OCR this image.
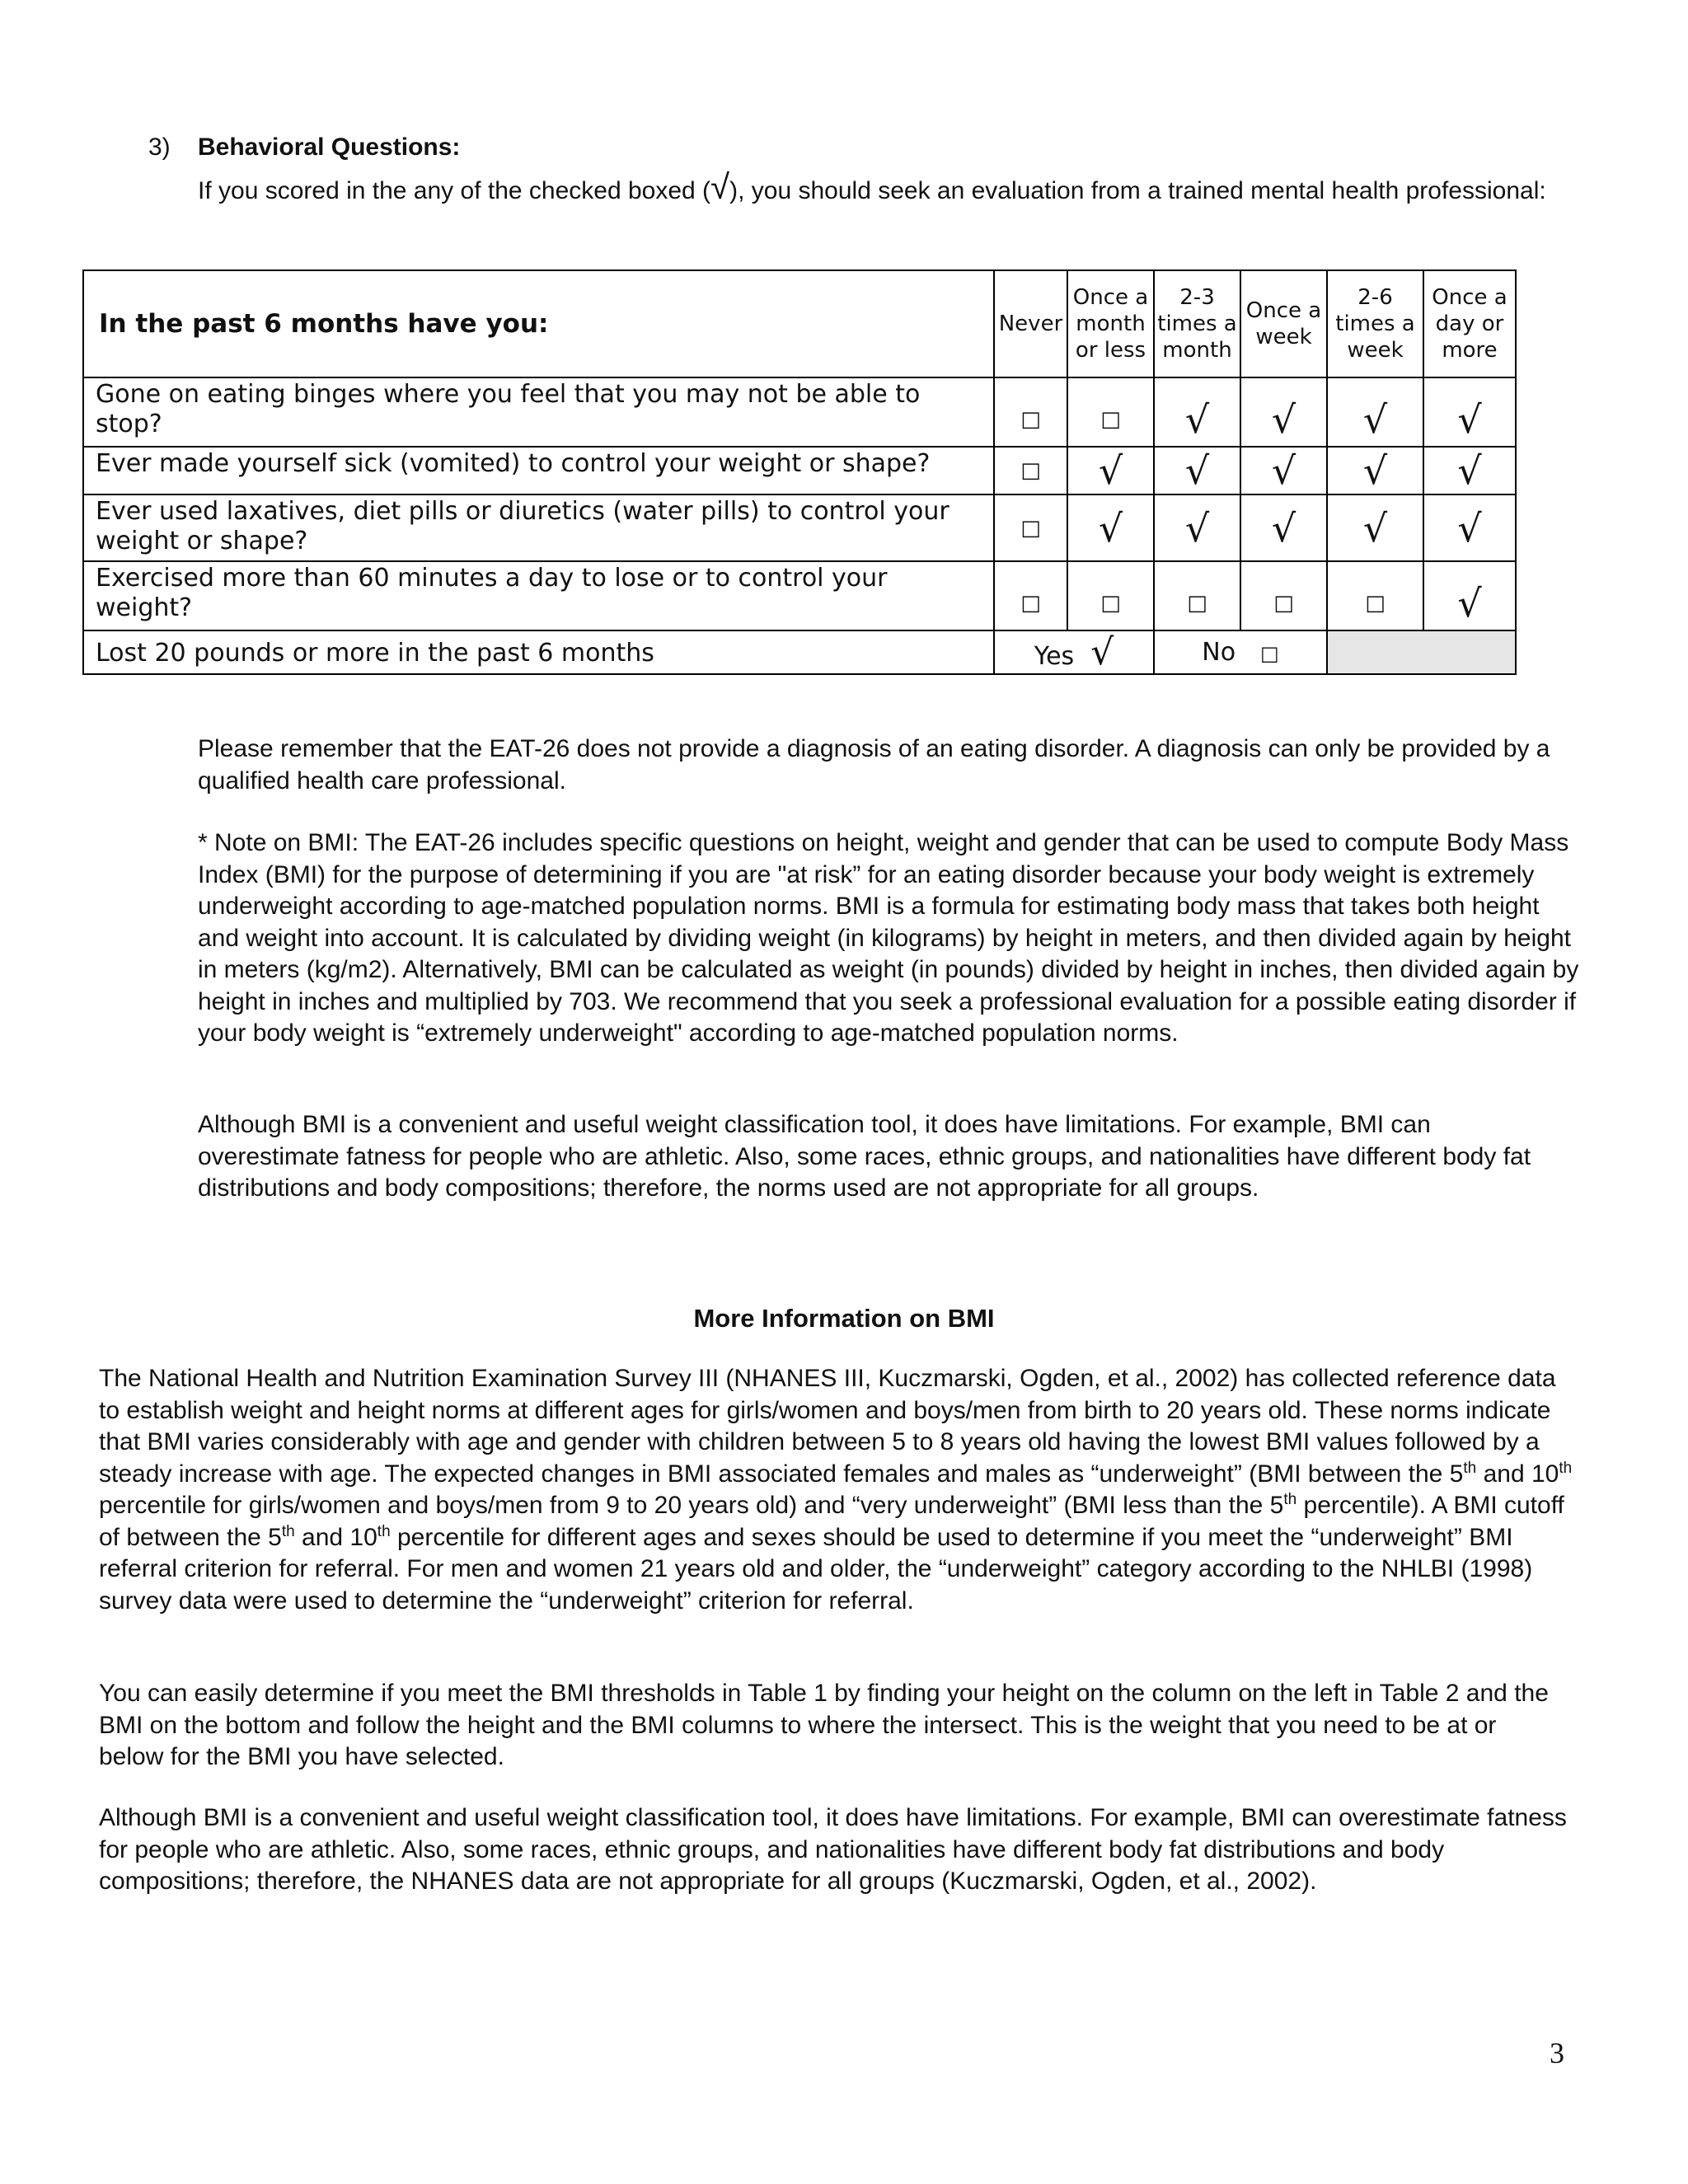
3) Behavioral Questions:
If you scored in the any of the checked boxed (√), you should seek an evaluation from a trained mental health professional:
In the past 6 months have you:	Never	Once a month or less	2-3 times a month	Once a week	2-6 times a week	Once a day or more
Gone on eating binges where you feel that you may not be able to stop?	□	□	√	√	√	√
Ever made yourself sick (vomited) to control your weight or shape?	□	√	√	√	√	√
Ever used laxatives, diet pills or diuretics (water pills) to control your weight or shape?	□	√	√	√	√	√
Exercised more than 60 minutes a day to lose or to control your weight?	□	□	□	□	□	√
Lost 20 pounds or more in the past 6 months	Yes √		No □			
Please remember that the EAT-26 does not provide a diagnosis of an eating disorder. A diagnosis can only be provided by a qualified health care professional.
* Note on BMI: The EAT-26 includes specific questions on height, weight and gender that can be used to compute Body Mass Index (BMI) for the purpose of determining if you are "at risk” for an eating disorder because your body weight is extremely underweight according to age-matched population norms. BMI is a formula for estimating body mass that takes both height and weight into account. It is calculated by dividing weight (in kilograms) by height in meters, and then divided again by height in meters (kg/m2). Alternatively, BMI can be calculated as weight (in pounds) divided by height in inches, then divided again by height in inches and multiplied by 703. We recommend that you seek a professional evaluation for a possible eating disorder if your body weight is “extremely underweight" according to age-matched population norms.
Although BMI is a convenient and useful weight classification tool, it does have limitations. For example, BMI can overestimate fatness for people who are athletic. Also, some races, ethnic groups, and nationalities have different body fat distributions and body compositions; therefore, the norms used are not appropriate for all groups.
More Information on BMI
The National Health and Nutrition Examination Survey III (NHANES III, Kuczmarski, Ogden, et al., 2002) has collected reference data to establish weight and height norms at different ages for girls/women and boys/men from birth to 20 years old. These norms indicate that BMI varies considerably with age and gender with children between 5 to 8 years old having the lowest BMI values followed by a steady increase with age. The expected changes in BMI associated females and males as “underweight” (BMI between the 5th and 10th percentile for girls/women and boys/men from 9 to 20 years old) and “very underweight” (BMI less than the 5th percentile). A BMI cutoff of between the 5th and 10th percentile for different ages and sexes should be used to determine if you meet the “underweight” BMI referral criterion for referral. For men and women 21 years old and older, the “underweight” category according to the NHLBI (1998) survey data were used to determine the “underweight” criterion for referral.
You can easily determine if you meet the BMI thresholds in Table 1 by finding your height on the column on the left in Table 2 and the BMI on the bottom and follow the height and the BMI columns to where the intersect. This is the weight that you need to be at or below for the BMI you have selected.
Although BMI is a convenient and useful weight classification tool, it does have limitations. For example, BMI can overestimate fatness for people who are athletic. Also, some races, ethnic groups, and nationalities have different body fat distributions and body compositions; therefore, the NHANES data are not appropriate for all groups (Kuczmarski, Ogden, et al., 2002).
3
